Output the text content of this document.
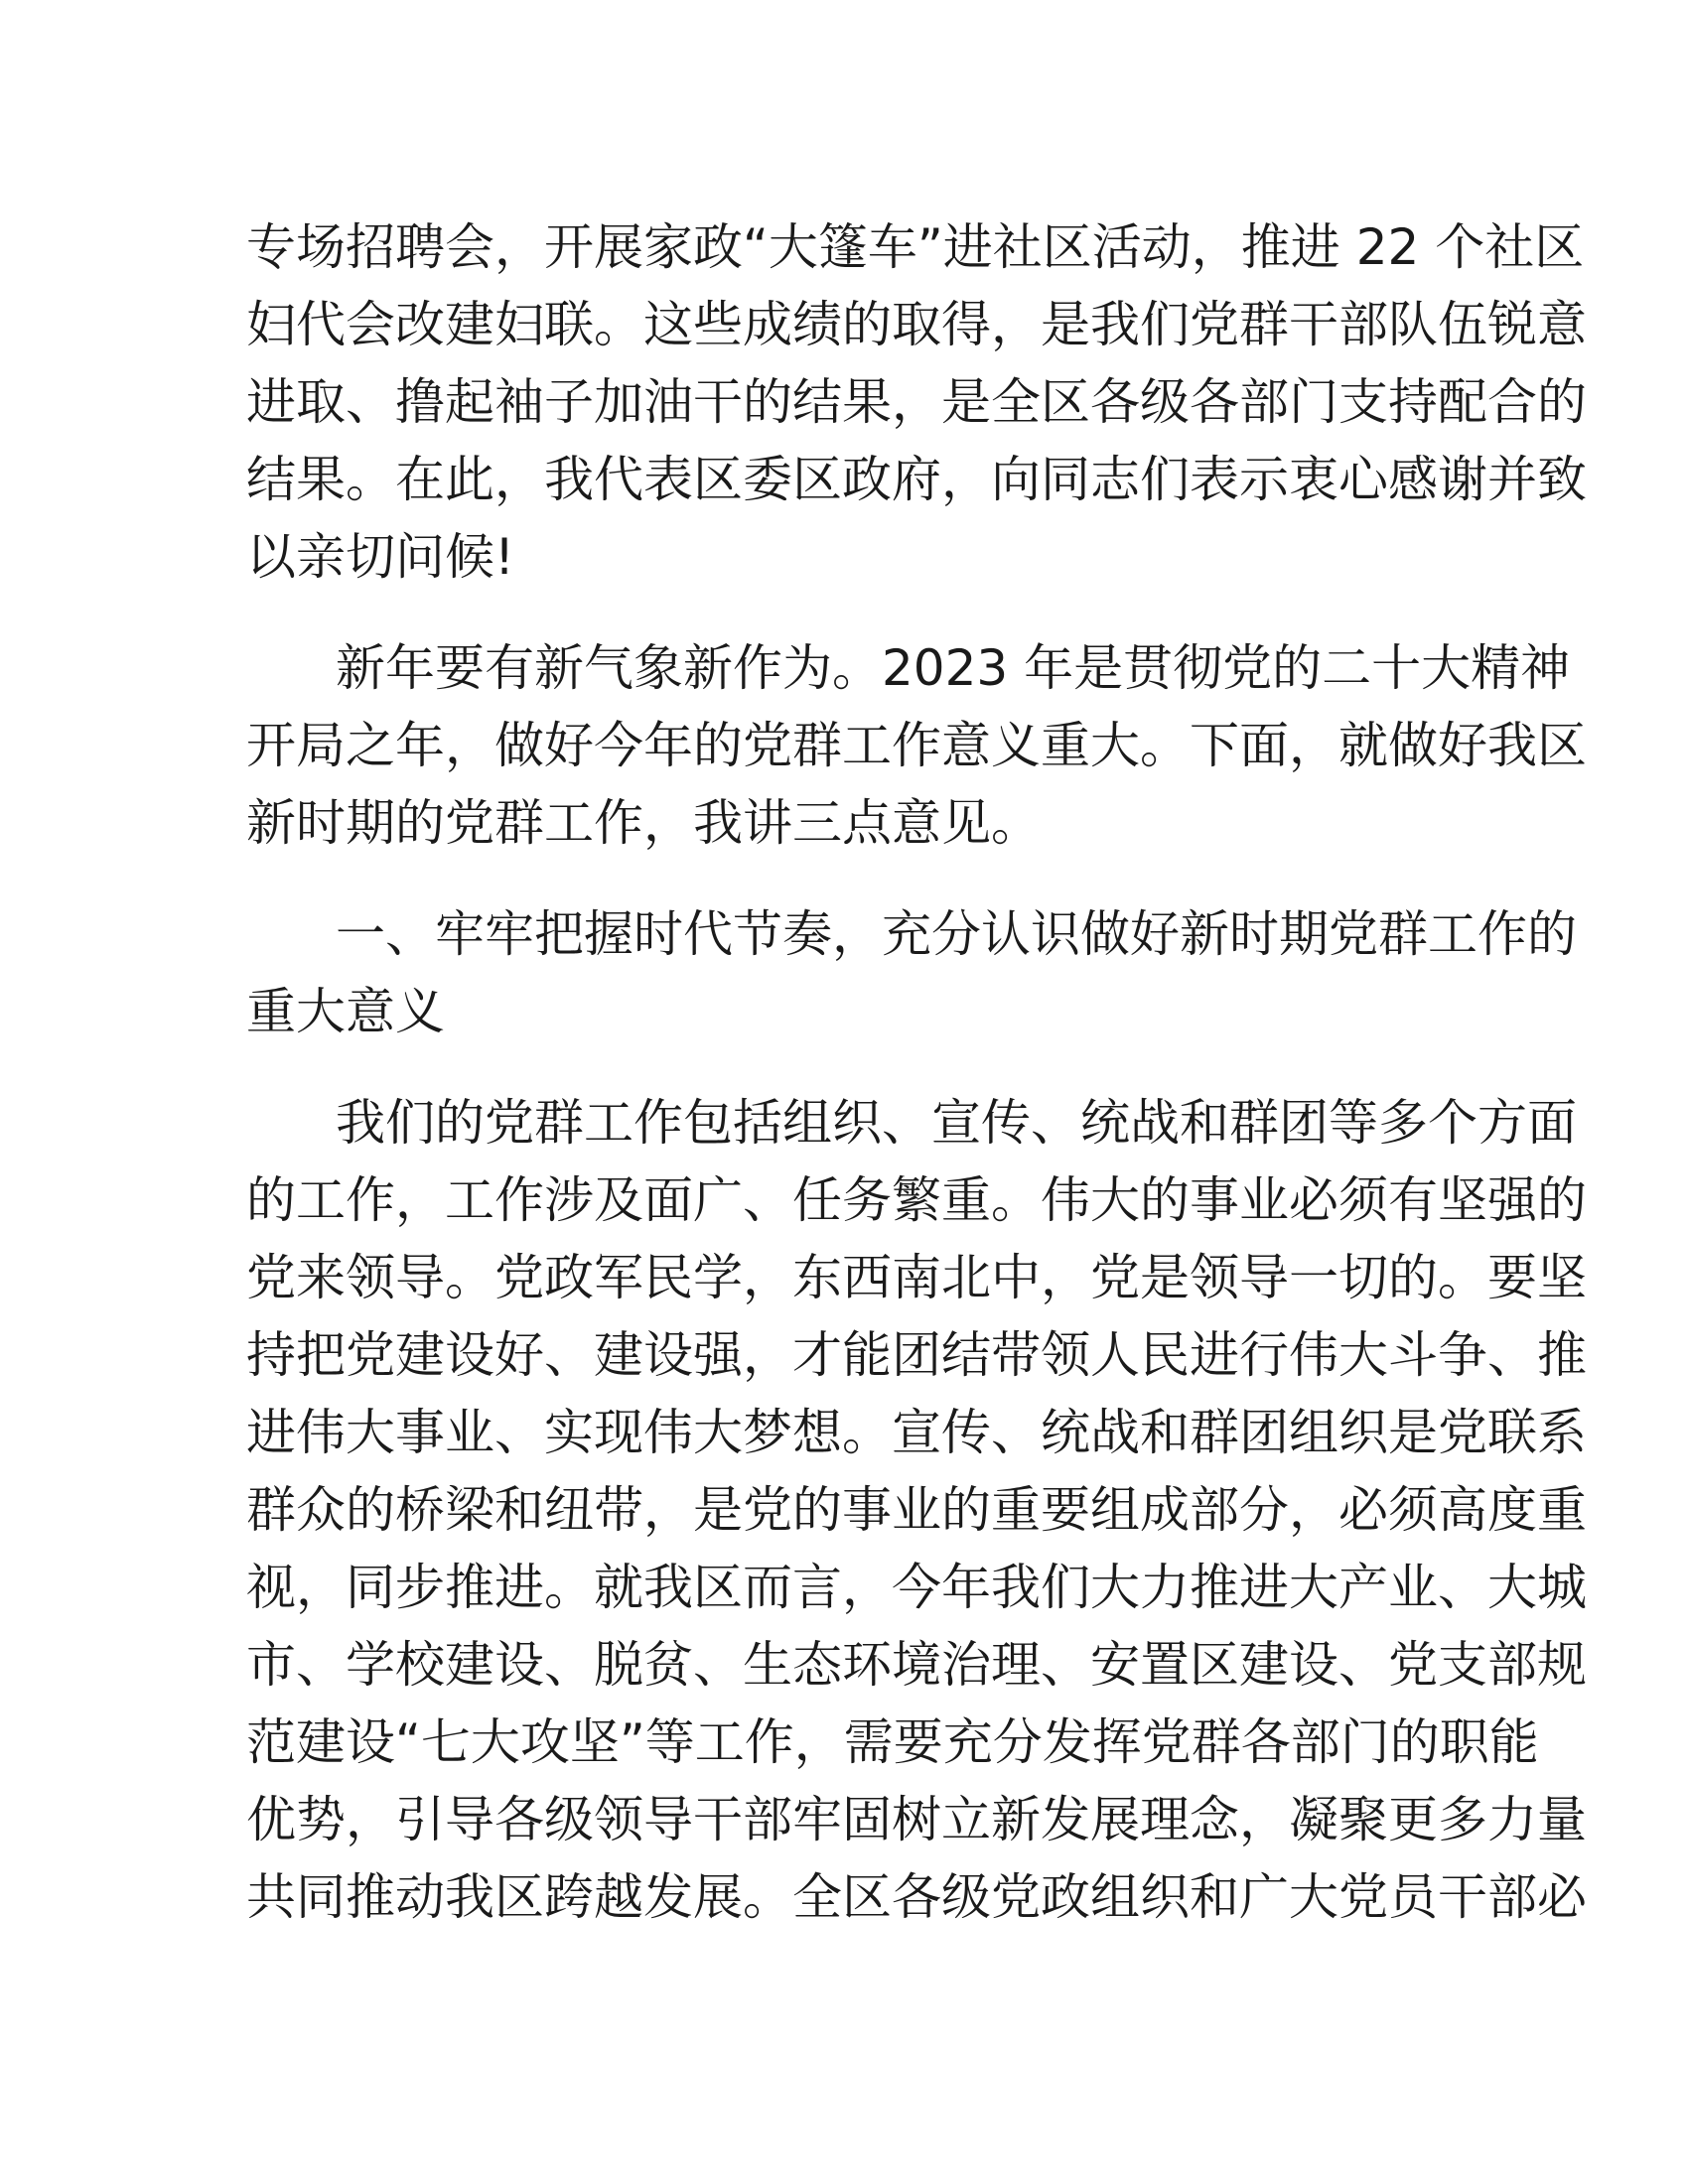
专场招聘会，开展家政“大篷车”进社区活动，推进 22 个社区
妇代会改建妇联。这些成绩的取得，是我们党群干部队伍锐意
进取、撸起袖子加油干的结果，是全区各级各部门支持配合的
结果。在此，我代表区委区政府，向同志们表示衷心感谢并致
以亲切问候!
新年要有新气象新作为。2023 年是贯彻党的二十大精神
开局之年，做好今年的党群工作意义重大。下面，就做好我区
新时期的党群工作，我讲三点意见。
一、牢牢把握时代节奏，充分认识做好新时期党群工作的
重大意义
我们的党群工作包括组织、宣传、统战和群团等多个方面
的工作，工作涉及面广、任务繁重。伟大的事业必须有坚强的
党来领导。党政军民学，东西南北中，党是领导一切的。要坚
持把党建设好、建设强，才能团结带领人民进行伟大斗争、推
进伟大事业、实现伟大梦想。宣传、统战和群团组织是党联系
群众的桥梁和纽带，是党的事业的重要组成部分，必须高度重
视，同步推进。就我区而言，今年我们大力推进大产业、大城
市、学校建设、脱贫、生态环境治理、安置区建设、党支部规
范建设“七大攻坚”等工作，需要充分发挥党群各部门的职能
优势，引导各级领导干部牢固树立新发展理念，凝聚更多力量
共同推动我区跨越发展。全区各级党政组织和广大党员干部必
